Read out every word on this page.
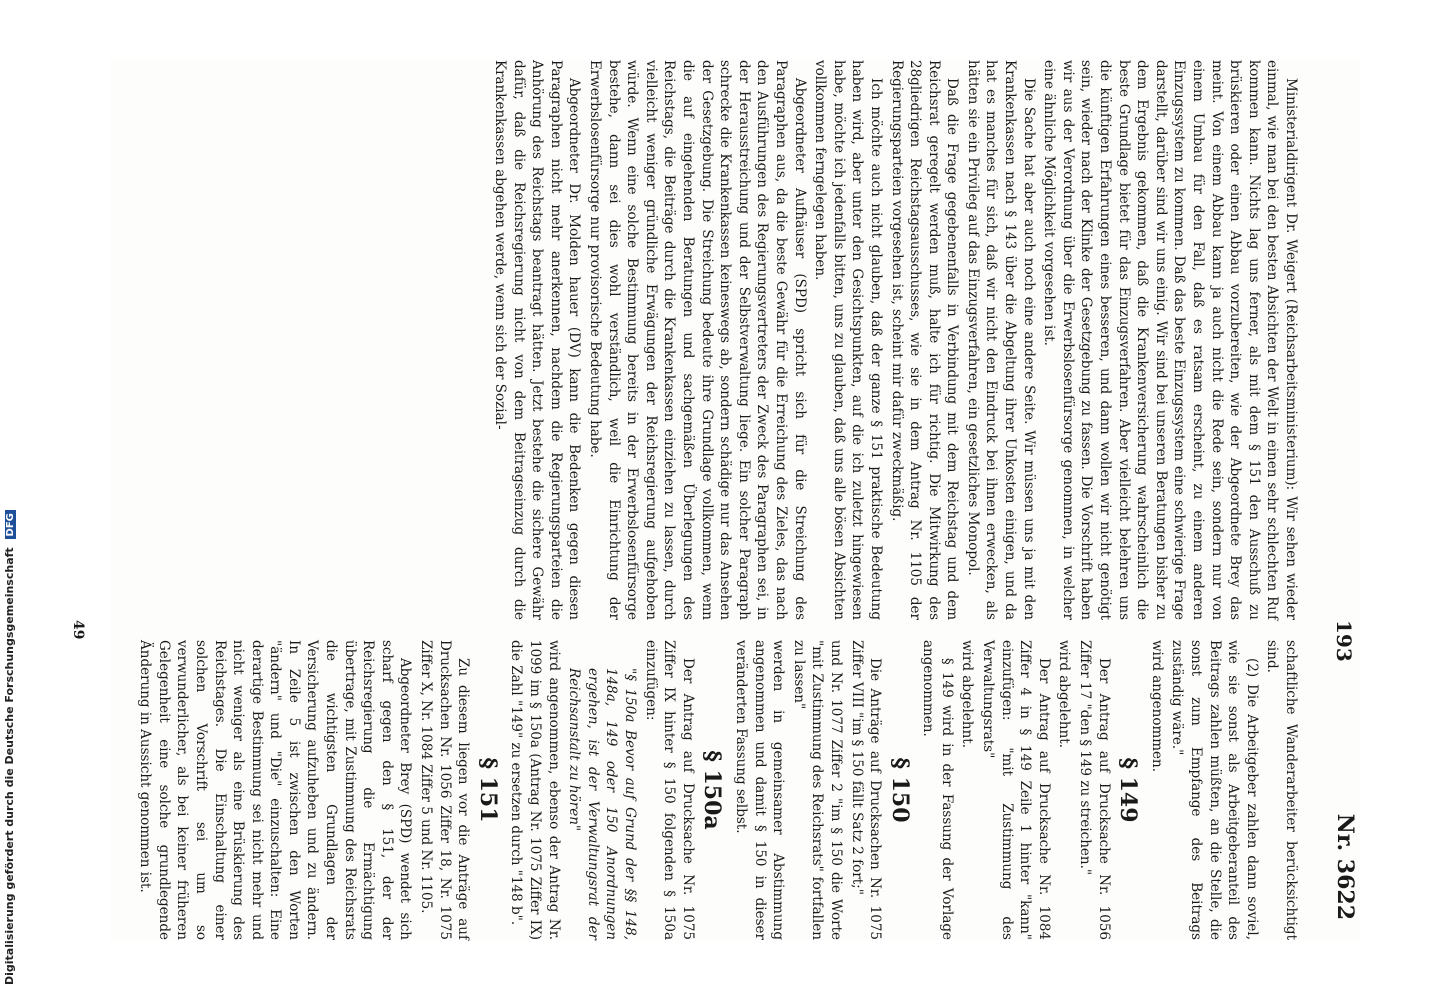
Digitalisierung gefördert durch die Deutsche Forschungsgemeinschaft DFG
193
Nr. 3622

Ministerialdirigent Dr. Weigert (Reichsarbeitsministerium): Wir sehen wieder einmal, wie man bei den besten Absichten der Welt in einen sehr schlechten Ruf kommen kann. Nichts lag uns ferner, als mit dem § 151 den Ausschuß zu brüskieren oder einen Abbau vorzubereiten, wie der Abgeordnete Brey das meint. Von einem Abbau kann ja auch nicht die Rede sein, sondern nur von einem Umbau für den Fall, daß es ratsam erscheint, zu einem anderen Einzugssystem zu kommen. Daß das beste Einzugssystem eine schwierige Frage darstellt, darüber sind wir uns einig. Wir sind bei unseren Beratungen bisher zu dem Ergebnis gekommen, daß die Krankenversicherung wahrscheinlich die beste Grundlage bietet für das Einzugsverfahren. Aber vielleicht belehren uns die künftigen Erfahrungen eines besseren, und dann wollen wir nicht genötigt sein, wieder nach der Klinke der Gesetzgebung zu fassen. Die Vorschrift haben wir aus der Verordnung über die Erwerbslosenfürsorge genommen, in welcher eine ähnliche Möglichkeit vorgesehen ist.

Die Sache hat aber auch noch eine andere Seite. Wir müssen uns ja mit den Krankenkassen nach § 143 über die Abgeltung ihrer Unkosten einigen, und da hat es manches für sich, daß wir nicht den Eindruck bei ihnen erwecken, als hätten sie ein Privileg auf das Einzugsverfahren, ein gesetzliches Monopol.

Daß die Frage gegebenenfalls in Verbindung mit dem Reichstag und dem Reichsrat geregelt werden muß, halte ich für richtig. Die Mitwirkung des 28gliedrigen Reichstagsausschusses, wie sie in dem Antrag Nr. 1105 der Regierungsparteien vorgesehen ist, scheint mir dafür zweckmäßig.

Ich möchte auch nicht glauben, daß der ganze § 151 praktische Bedeutung haben wird, aber unter den Gesichtspunkten, auf die ich zuletzt hingewiesen habe, möchte ich jedenfalls bitten, uns zu glauben, daß uns alle bösen Absichten vollkommen ferngelegen haben.

Abgeordneter Aufhäuser (SPD) spricht sich für die Streichung des Paragraphen aus, da die beste Gewähr für die Erreichung des Zieles, das nach den Ausführungen des Regierungsvertreters der Zweck des Paragraphen sei, in der Herausstreichung und der Selbstverwaltung liege. Ein solcher Paragraph schrecke die Krankenkassen keineswegs ab, sondern schädige nur das Ansehen der Gesetzgebung. Die Streichung bedeute ihre Grundlage vollkommen, wenn die auf eingehenden Beratungen und sachgemäßen Überlegungen des Reichstags, die Beiträge durch die Krankenkassen einziehen zu lassen, durch vielleicht weniger gründliche Erwägungen der Reichsregierung aufgehoben würde. Wenn eine solche Bestimmung bereits in der Erwerbslosenfürsorge bestehe, dann sei dies wohl verständlich, weil die Einrichtung der Erwerbslosenfürsorge nur provisorische Bedeutung habe.

Abgeordneter Dr. Molden hauer (DV) kann die Bedenken gegen diesen Paragraphen nicht mehr anerkennen, nachdem die Regierungsparteien die Anhörung des Reichstags beantragt hätten. Jetzt bestehe die sichere Gewähr dafür, daß die Reichsregierung nicht von dem Beitragseinzug durch die Krankenkassen abgehen werde, wenn sich der Sozial-

schaftliche Wanderarbeiter berücksichtigt sind.

(2) Die Arbeitgeber zahlen dann soviel, wie sie sonst als Arbeitgeberanteil des Beitrags zahlen müßten, an die Stelle, die sonst zum Empfange des Beitrags zuständig wäre."

wird angenommen.

§ 149

Der Antrag auf Drucksache Nr. 1056 Ziffer 17 "den § 149 zu streichen."

wird abgelehnt.

Der Antrag auf Drucksache Nr. 1084 Ziffer 4 in § 149 Zeile 1 hinter "kann" einzufügen: "mit Zustimmung des Verwaltungsrats"

wird abgelehnt.

§ 149 wird in der Fassung der Vorlage angenommen.

§ 150

Die Anträge auf Drucksachen Nr. 1075 Ziffer VIII "im § 150 fällt Satz 2 fort;"

und Nr. 1077 Ziffer 2 "im § 150 die Worte "mit Zustimmung des Reichsrats" fortfallen zu lassen"

werden in gemeinsamer Abstimmung angenommen und damit § 150 in dieser veränderten Fassung selbst.

§ 150a

Der Antrag auf Drucksache Nr. 1075 Ziffer IX hinter § 150 folgenden § 150a einzufügen:

"§ 150a Bevor auf Grund der §§ 148, 148a, 149 oder 150 Anordnungen ergehen, ist der Verwaltungsrat der Reichsanstalt zu hören"

wird angenommen, ebenso der Antrag Nr. 1099 im § 150a (Antrag Nr. 1075 Ziffer IX) die Zahl "149" zu ersetzen durch "148 b".

§ 151

Zu diesem liegen vor die Anträge auf Drucksachen Nr. 1056 Ziffer 18, Nr. 1075 Ziffer X, Nr. 1084 Ziffer 5 und Nr. 1105.

Abgeordneter Brey (SPD) wendet sich scharf gegen den § 151, der der Reichsregierung die Ermächtigung übertrage, mit Zustimmung des Reichsrats die wichtigsten Grundlagen der Versicherung aufzuheben und zu ändern. In Zeile 5 ist zwischen den Worten "ändern" und "Die" einzuschalten: Eine derartige Bestimmung sei nicht mehr und nicht weniger als eine Brüskierung des Reichstages. Die Einschaltung einer solchen Vorschrift sei um so verwunderlicher, als bei keiner früheren Gelegenheit eine solche grundlegende Änderung in Aussicht genommen ist.

49
